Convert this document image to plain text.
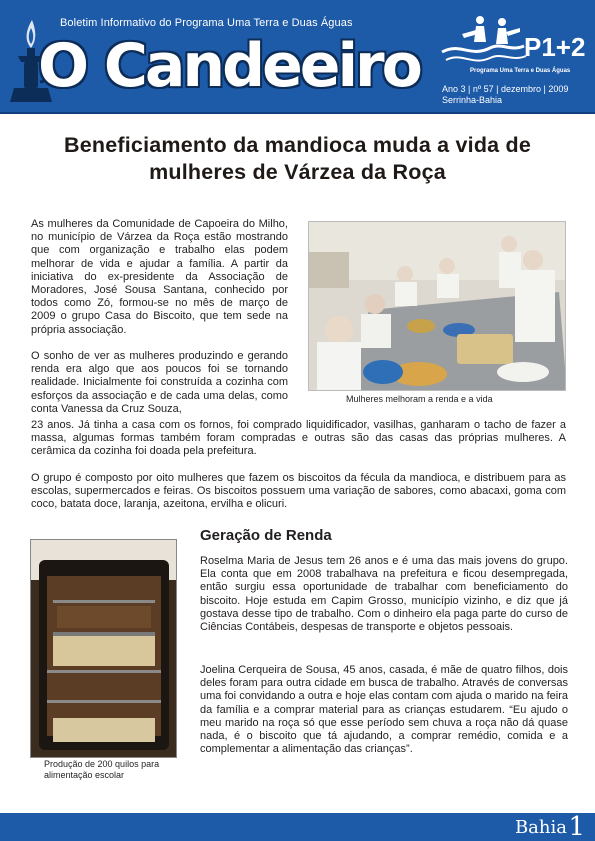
Boletim Informativo do Programa Uma Terra e Duas Águas
O Candeeiro	P1+2
Programa Uma Terra e Duas Águas
Ano 3 | nº 57 | dezembro | 2009
Serrinha-Bahia
Beneficiamento da mandioca muda a vida de mulheres de Várzea da Roça

As mulheres da Comunidade de Capoeira do Milho, no município de Várzea da Roça estão mostrando que com organização e trabalho elas podem melhorar de vida e ajudar a família. A partir da iniciativa do ex-presidente da Associação de Moradores, José Sousa Santana, conhecido por todos como Zó, formou-se no mês de março de 2009 o grupo Casa do Biscoito, que tem sede na própria associação.

Mulheres melhoram a renda e a vida

O sonho de ver as mulheres produzindo e gerando renda era algo que aos poucos foi se tornando realidade. Inicialmente foi construída a cozinha com esforços da associação e de cada uma delas, como conta Vanessa da Cruz Souza,

23 anos. Já tinha a casa com os fornos, foi comprado liquidificador, vasilhas, ganharam o tacho de fazer a massa, algumas formas também foram compradas e outras são das casas das próprias mulheres. A cerâmica da cozinha foi doada pela prefeitura.

O grupo é composto por oito mulheres que fazem os biscoitos da fécula da mandioca, e distribuem para as escolas, supermercados e feiras. Os biscoitos possuem uma variação de sabores, como abacaxi, goma com coco, batata doce, laranja, azeitona, ervilha e olicuri.

Geração de Renda
Produção de 200 quilos para alimentação escolar

Roselma Maria de Jesus tem 26 anos e é uma das mais jovens do grupo. Ela conta que em 2008 trabalhava na prefeitura e ficou desempregada, então surgiu essa oportunidade de trabalhar com beneficiamento do biscoito. Hoje estuda em Capim Grosso, município vizinho, e diz que já gostava desse tipo de trabalho. Com o dinheiro ela paga parte do curso de Ciências Contábeis, despesas de transporte e objetos pessoais.

Joelina Cerqueira de Sousa, 45 anos, casada, é mãe de quatro filhos, dois deles foram para outra cidade em busca de trabalho. Através de conversas uma foi convidando a outra e hoje elas contam com ajuda o marido na feira da família e a comprar material para as crianças estudarem. “Eu ajudo o meu marido na roça só que esse período sem chuva a roça não dá quase nada, é o biscoito que tá ajudando, a comprar remédio, comida e a complementar a alimentação das crianças”.

Bahia 1
